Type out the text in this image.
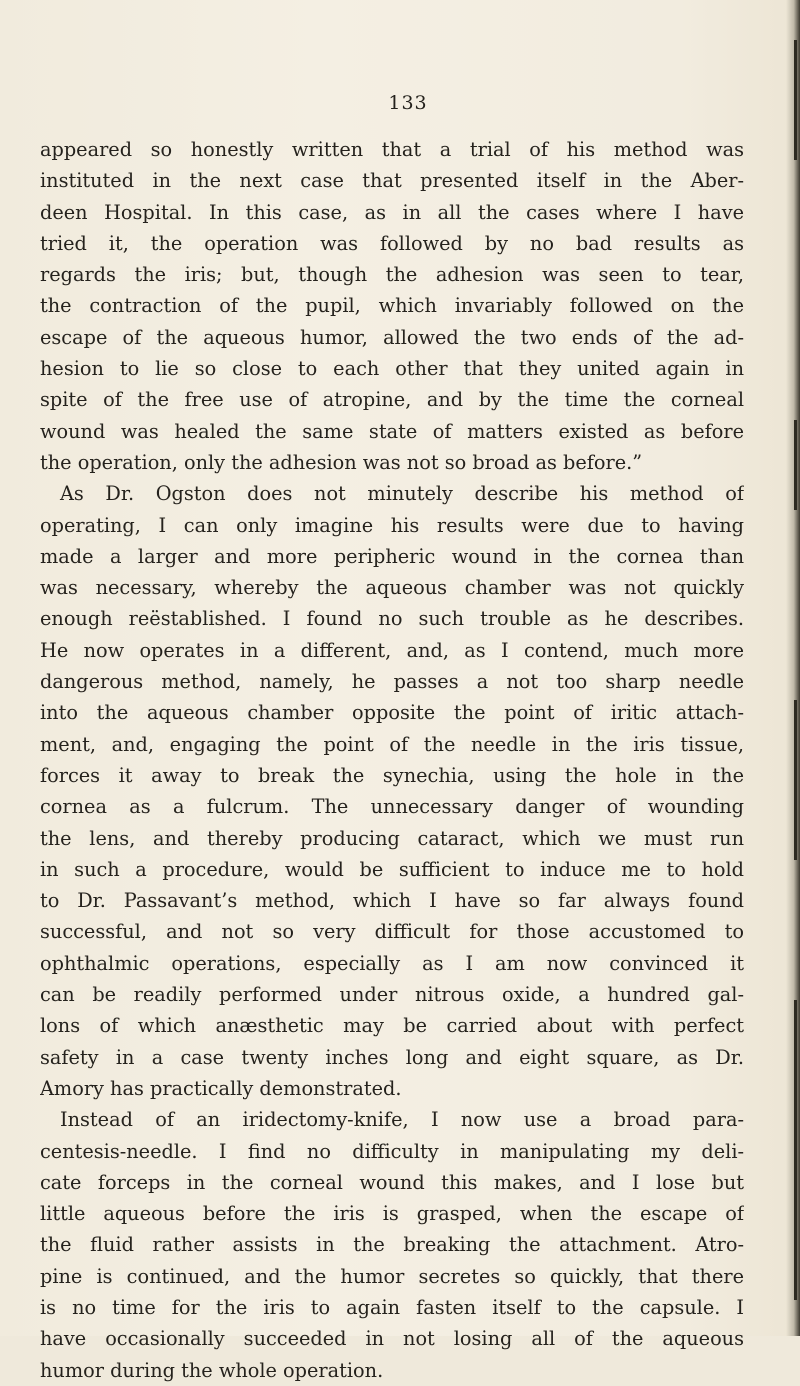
133
appeared so honestly written that a trial of his method was
instituted in the next case that presented itself in the Aber-
deen Hospital. In this case, as in all the cases where I have
tried it, the operation was followed by no bad results as
regards the iris; but, though the adhesion was seen to tear,
the contraction of the pupil, which invariably followed on the
escape of the aqueous humor, allowed the two ends of the ad-
hesion to lie so close to each other that they united again in
spite of the free use of atropine, and by the time the corneal
wound was healed the same state of matters existed as before
the operation, only the adhesion was not so broad as before.”
As Dr. Ogston does not minutely describe his method of
operating, I can only imagine his results were due to having
made a larger and more peripheric wound in the cornea than
was necessary, whereby the aqueous chamber was not quickly
enough reëstablished. I found no such trouble as he describes.
He now operates in a different, and, as I contend, much more
dangerous method, namely, he passes a not too sharp needle
into the aqueous chamber opposite the point of iritic attach-
ment, and, engaging the point of the needle in the iris tissue,
forces it away to break the synechia, using the hole in the
cornea as a fulcrum. The unnecessary danger of wounding
the lens, and thereby producing cataract, which we must run
in such a procedure, would be sufficient to induce me to hold
to Dr. Passavant’s method, which I have so far always found
successful, and not so very difficult for those accustomed to
ophthalmic operations, especially as I am now convinced it
can be readily performed under nitrous oxide, a hundred gal-
lons of which anæsthetic may be carried about with perfect
safety in a case twenty inches long and eight square, as Dr.
Amory has practically demonstrated.
Instead of an iridectomy-knife, I now use a broad para-
centesis-needle. I find no difficulty in manipulating my deli-
cate forceps in the corneal wound this makes, and I lose but
little aqueous before the iris is grasped, when the escape of
the fluid rather assists in the breaking the attachment. Atro-
pine is continued, and the humor secretes so quickly, that there
is no time for the iris to again fasten itself to the capsule. I
have occasionally succeeded in not losing all of the aqueous
humor during the whole operation.
